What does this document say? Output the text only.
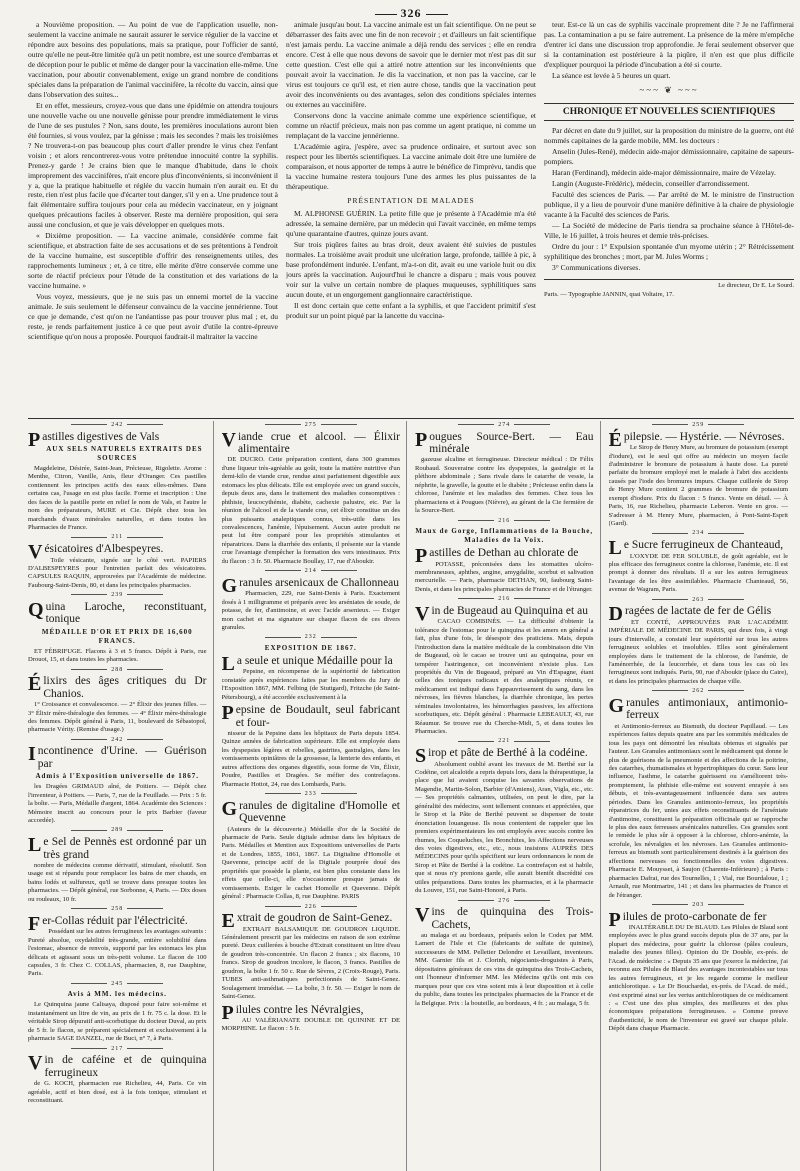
326

a Nouvième proposition. — Au point de vue de l'application usuelle, non-seulement la vaccine animale ne saurait assurer le service régulier de la vaccine et répondre aux besoins des populations, mais sa pratique, pour l'officier de santé, outre qu'elle ne peut-être limitée qu'à un petit nombre, est une source d'embarras et de déception pour le public et même de danger pour la vaccination elle-même. Une vaccination, pour aboutir convenablement, exige un grand nombre de conditions spéciales dans la préparation de l'animal vaccinifère, la récolte du vaccin, ainsi que dans l'observation des suites...

Et en effet, messieurs, croyez-vous que dans une épidémie on attendra toujours une nouvelle vache ou une nouvelle génisse pour prendre immédiatement le virus de l'une de ses pustules ? Non, sans doute, les premières inoculations auront bien été fournies, si vous voulez, par la génisse ; mais les secondes ? mais les troisièmes ? Ne trouvera-t-on pas beaucoup plus court d'aller prendre le virus chez l'enfant voisin ; et alors rencontrerez-vous votre prétendue innocuité contre la syphilis. Prenez-y garde ! Je crains bien que le manque d'habitude, dans le choix improprement des vaccinifères, n'ait encore plus d'inconvénients, si inconvénient il y a, que la pratique habituelle et réglée du vaccin humain n'en aurait eu. Et du reste, rien n'est plus facile que d'écarter tout danger, s'il y en a. Une prudence tout à fait élémentaire suffira toujours pour cela au médecin vaccinateur, en y joignant quelques précautions faciles à observer. Reste ma dernière proposition, qui sera aussi une conclusion, et que je vais développer en quelques mots.

« Dixième proposition. — La vaccine animale, considérée comme fait scientifique, et abstraction faite de ses accusations et de ses prétentions à l'endroit de la vaccine humaine, est susceptible d'offrir des renseignements utiles, des rapprochements lumineux ; et, à ce titre, elle mérite d'être conservée comme une sorte de réactif précieux pour l'étude de la constitution et des variations de la vaccine humaine. »

Vous voyez, messieurs, que je ne suis pas un ennemi mortel de la vaccine animale. Je suis seulement le défenseur convaincu de la vaccine jennérienne. Tout ce que je demande, c'est qu'on ne l'anéantisse pas pour trouver plus mal ; et, du reste, je rends parfaitement justice à ce que peut avoir d'utile la contre-épreuve scientifique qu'on nous a proposée. Pourquoi faudrait-il maltraiter la vaccine

animale jusqu'au bout. La vaccine animale est un fait scientifique. On ne peut se débarrasser des faits avec une fin de non recevoir ; et d'ailleurs un fait scientifique n'est jamais perdu. La vaccine animale a déjà rendu des services ; elle en rendra encore. C'est à elle que nous devons de savoir que le dernier mot n'est pas dit sur cette question. C'est elle qui a attiré notre attention sur les inconvénients que pouvait avoir la vaccination. Je dis la vaccination, et non pas la vaccine, car le virus est toujours ce qu'il est, et rien autre chose, tandis que la vaccination peut avoir des inconvénients ou des avantages, selon des conditions spéciales internes ou externes au vaccinifère.

Conservons donc la vaccine animale comme une expérience scientifique, et comme un réactif précieux, mais non pas comme un agent pratique, ni comme un remplaçant de la vaccine jennérienne.

L'Académie agira, j'espère, avec sa prudence ordinaire, et surtout avec son respect pour les libertés scientifiques. La vaccine animale doit être une lumière de comparaison, et nous apporter de temps à autre le bénéfice de l'imprévu, tandis que la vaccine humaine restera toujours l'une des armes les plus puissantes de la thérapeutique.

PRÉSENTATION DE MALADES

M. ALPHONSE GUÉRIN. La petite fille que je présente à l'Académie m'a été adressée, la semaine dernière, par un médecin qui l'avait vaccinée, en même temps qu'une quarantaine d'autres, quinze jours avant.

Sur trois piqûres faites au bras droit, deux avaient été suivies de pustules normales. La troisième avait produit une ulcération large, profonde, taillée à pic, à base profondément indurée. L'enfant, m'a-t-on dit, avait eu une variole huit ou dix jours après la vaccination. Aujourd'hui le chancre a disparu ; mais vous pouvez voir sur la vulve un certain nombre de plaques muqueuses, syphilitiques sans aucun doute, et un engorgement ganglionnaire caractéristique.

Il est donc certain que cette enfant a la syphilis, et que l'accident primitif s'est produit sur un point piqué par la lancette du vaccina-

teur. Est-ce là un cas de syphilis vaccinale proprement dite ? Je ne l'affirmerai pas. La contamination a pu se faire autrement. La présence de la mère m'empêche d'entrer ici dans une discussion trop approfondie. Je ferai seulement observer que si la contamination est postérieure à la piqûre, il n'en est que plus difficile d'expliquer pourquoi la période d'incubation a été si courte.

La séance est levée à 5 heures un quart.

~~~ ❦ ~~~
CHRONIQUE ET NOUVELLES SCIENTIFIQUES

Par décret en date du 9 juillet, sur la proposition du ministre de la guerre, ont été nommés capitaines de la garde mobile, MM. les docteurs :

Anselin (Jules-René), médecin aide-major démissionnaire, capitaine de sapeurs-pompiers.

Haran (Ferdinand), médecin aide-major démissionnaire, maire de Vézelay.

Langin (Auguste-Frédéric), médecin, conseiller d'arrondissement.

Faculté des sciences de Paris. — Par arrêté de M. le ministre de l'instruction publique, il y a lieu de pourvoir d'une manière définitive à la chaire de physiologie vacante à la Faculté des sciences de Paris.

— La Société de médecine de Paris tiendra sa prochaine séance à l'Hôtel-de-Ville, le 16 juillet, à trois heures et demie très-précises.

Ordre du jour : 1° Expulsion spontanée d'un myome utérin ; 2° Rétrécissement syphilitique des bronches ; mort, par M. Jules Worms ;

3° Communications diverses.

Le directeur, Dr E. Le Sourd.
Paris. — Typographie JANNIN, quai Voltaire, 17.
242
Pastilles digestives de Vals
AUX SELS NATURELS EXTRAITS DES SOURCES

Magdeleine, Désirée, Saint-Jean, Précieuse, Rigolette. Arome : Menthe, Citron, Vanille, Anis, fleur d'Oranger. Ces pastilles contiennent les principes actifs des eaux elles-mêmes. Dans certains cas, l'usage en est plus facile. Forme et inscription : Une des faces de la pastille porte en relief le nom de Vals, et l'autre le nom des préparateurs, MURE et Cie. Dépôt chez tous les marchands d'eaux minérales naturelles, et dans toutes les Pharmacies de France.

211
Vésicatoires d'Albespeyres.

Toile vésicante, signée sur le côté vert. PAPIERS D'ALBESPEYRES pour l'entretien parfait des vésicatoires. CAPSULES RAQUIN, approuvées par l'Académie de médecine. Faubourg-Saint-Denis, 80, et dans les principales pharmacies.

239
Quina Laroche, reconstituant, tonique
MÉDAILLE D'OR ET PRIX DE 16,600 FRANCS.

ET FÉBRIFUGE. Flacons à 3 et 5 francs. Dépôt à Paris, rue Drouot, 15, et dans toutes les pharmacies.

288
Élixirs des âges critiques du Dr Chanios.

1° Croissance et convalescence. — 2° Élixir des jeunes filles. — 3° Élixir mère-théralogie des femmes. — 4° Élixir mère-théralogie des femmes. Dépôt général à Paris, 11, boulevard de Sébastopol, pharmacie Vérity. (Remise d'usage.)

242
Incontinence d'Urine. — Guérison par
Admis à l'Exposition universelle de 1867.

les Dragées GRIMAUD aîné, de Poitiers. — Dépôt chez l'inventeur, à Poitiers. — Paris, 7, rue de la Feuillade. — Prix : 5 fr. la boîte. — Paris, Médaille d'argent, 1864. Académie des Sciences : Mémoire inscrit au concours pour le prix Barbier (faveur accordée).

289
Le Sel de Pennès est ordonné par un très grand

nombre de médecins comme dérivatif, stimulant, résolutif. Son usage est si répandu pour remplacer les bains de mer chauds, en bains lodés et sulfureux, qu'il se trouve dans presque toutes les pharmacies. — Dépôt général, rue Sorbonne, 4, Paris. — Dix doses ou rouleaux, 10 fr.

258
Fer-Collas réduit par l'électricité.

Possédant sur les autres ferrugineux les avantages suivants : Pureté absolue, oxydabilité très-grande, entière solubilité dans l'estomac, absence de renvois, supporté par les estomacs les plus délicats et agissant sous un très-petit volume. Le flacon de 100 capsules, 3 fr. Chez C. COLLAS, pharmacien, 8, rue Dauphine, Paris.

245
Avis à MM. les médecins.

Le Quinquina jaune Calisaya, disposé pour faire soi-même et instantanément un litre de vin, au prix de 1 fr. 75 c. la dose. Et le véritable Sirop dépuratif anti-scorbutique du docteur Duval, au prix de 5 fr. le flacon, se préparent spécialement et exclusivement à la pharmacie SAGE DANZEL, rue de Buci, n° 7, à Paris.

217
Vin de caféine et de quinquina ferrugineux

de G. KOCH, pharmacien rue Richelieu, 44, Paris. Ce vin agréable, actif et bien dosé, est à la fois tonique, stimulant et reconstituant.

275
Viande crue et alcool. — Élixir alimentaire

DE DUCRO. Cette préparation contient, dans 300 grammes d'une liqueur très-agréable au goût, toute la matière nutritive d'un demi-kilo de viande crue, rendue ainsi parfaitement digestible aux estomacs les plus délicats. Elle est employée avec un grand succès, depuis deux ans, dans le traitement des maladies consomptives : phthisie, leucocythémie, diabète, cachexie palustre, etc. Par la réunion de l'alcool et de la viande crue, cet élixir constitue un des plus puissants analeptiques connus, très-utile dans les convalescences, l'anémie, l'épuisement. Aucun autre produit ne peut lui être comparé pour les propriétés stimulantes et réparatrices. Dans la diarrhée des enfants, il présente sur la viande crue l'avantage d'empêcher la formation des vers intestinaux. Prix du flacon : 3 fr. 50. Pharmacie Boullay, 17, rue d'Aboukir.

214
Granules arsenicaux de Challonneau

Pharmacien, 229, rue Saint-Denis à Paris. Exactement dosés à 1 milligramme et préparés avec les arséniates de soude, de potasse, de fer, d'antimoine, et avec l'acide arsenieux. — Exiger mon cachet et ma signature sur chaque flacon de ces divers granules.

232
EXPOSITION DE 1867.
La seule et unique Médaille pour la

Pepsine, en récompense de la supériorité de fabrication constatée après expériences faites par les membres du Jury de l'Exposition 1867, MM. Felbing (de Stuttgard), Fritzche (de Saint-Pétersbourg), a été accordée exclusivement à la

Pepsine de Boudault, seul fabricant et four-

nisseur de la Pepsine dans les hôpitaux de Paris depuis 1854. Quinze années de fabrication supérieure. Elle est employée dans les dyspepsies légères et rebelles, gastrites, gastralgies, dans les vomissements opiniâtres de la grossesse, la lienterie des enfants, et autres affections des organes digestifs, sous forme de Vin, Élixir, Poudre, Pastilles et Dragées. Se méfier des contrefaçons. Pharmacie Hottot, 24, rue des Lombards, Paris.

233
Granules de digitaline d'Homolle et Quevenne

(Auteurs de la découverte.) Médaille d'or de la Société de pharmacie de Paris. Seule digitale admise dans les hôpitaux de Paris. Médailles et Mention aux Expositions universelles de Paris et de Londres, 1855, 1861, 1867. La Digitaline d'Homolle et Quevenne, principe actif de la Digitale pourprée doué des propriétés que possède la plante, est bien plus constante dans les effets que celle-ci, elle n'occasionne presque jamais de vomissements. Exiger le cachet Homolle et Quevenne. Dépôt général : Pharmacie Collas, 8, rue Dauphine. PARIS

226
Extrait de goudron de Saint-Genez.

EXTRAIT BALSAMIQUE DE GOUDRON LIQUIDE. Généralement prescrit par les médecins en raison de son extrême pureté. Deux cuillerées à bouche d'Extrait constituent un litre d'eau de goudron très-concentrée. Un flacon 2 francs ; six flacons, 10 francs. Sirop de goudron incolore, le flacon, 3 francs. Pastilles de goudron, la boîte 1 fr. 50 c. Rue de Sèvres, 2 (Croix-Rouge), Paris. TUBES anti-asthmatiques perfectionnés de Saint-Genez. Soulagement immédiat. — La boîte, 3 fr. 50. — Exiger le nom de Saint-Genez.

Pilules contre les Névralgies,

AU VALÉRIANATE DOUBLE DE QUININE ET DE MORPHINE. Le flacon : 5 fr.

274
Pougues Source-Bert. — Eau minérale

gazeuse alcaline et ferrugineuse. Directeur médical : Dr Félix Roubaud. Souveraine contre les dyspepsies, la gastralgie et la pléthore abdominale ; Sans rivale dans le catarrhe de vessie, la néphrite, la gravelle, la goutte et le diabète ; Précieuse enfin dans la chlorose, l'anémie et les maladies des femmes. Chez tous les pharmaciens et à Pougues (Nièvre), au gérant de la Cie fermière de la Source-Bert.

216
Maux de Gorge, Inflammations de la Bouche, Maladies de la Voix.
Pastilles de Dethan au chlorate de

POTASSE, préconisées dans les stomatites ulcéro-membraneuses, aphthes, angine, amygdalite, scorbut et salivation mercurielle. — Paris, pharmacie DETHAN, 90, faubourg Saint-Denis, et dans les principales pharmacies de France et de l'étranger.

216
Vin de Bugeaud au Quinquina et au

CACAO COMBINÉS. — La difficulté d'obtenir la tolérance de l'estomac pour le quinquina et les amers en général a fait, plus d'une fois, le désespoir des praticiens. Mais, depuis l'introduction dans la matière médicale de la combinaison dite Vin de Bugeaud, où le cacao se trouve uni au quinquina, pour en tempérer l'astringence, cet inconvénient n'existe plus. Les propriétés du Vin de Bugeaud, préparé au Vin d'Espagne, étant celles des toniques radicaux et des analeptiques réunis, ce médicament est indiqué dans l'appauvrissement du sang, dans les névroses, les fièvres blanches, la diarrhée chronique, les pertes séminales involontaires, les hémorrhagies passives, les affections scorbutiques, etc. Dépôt général : Pharmacie LEBEAULT, 43, rue Réaumur. Se trouve rue du Cherche-Midi, 5, et dans toutes les Pharmacies.

221
Sirop et pâte de Berthé à la codéine.

Absolument oublié avant les travaux de M. Berthé sur la Codéine, cet alcaloïde a repris depuis lors, dans la thérapeutique, la place que lui avaient conquise les savantes observations de Magendie, Martin-Solon, Barbier (d'Amiens), Aran, Vigla, etc., etc. — Ses propriétés calmantes, utilisées, on peut le dire, par la généralité des médecins, sont tellement connues et appréciées, que le Sirop et la Pâte de Berthé peuvent se dispenser de toute énonciation louangeuse. Ils nous contentent de rappeler que les premiers expérimentateurs les ont employés avec succès contre les rhumes, les Coqueluches, les Bronchites, les Affections nerveuses des voies digestives, etc., etc., nous insistons AUPRÈS DES MÉDECINS pour qu'ils spécifient sur leurs ordonnances le nom de Sirop et Pâte de Berthé à la codéine. La contrefaçon est si habile, que si nous n'y prenions garde, elle aurait bientôt discrédité ces utiles préparations. Dans toutes les pharmacies, et à la pharmacie du Louvre, 151, rue Saint-Honoré, à Paris.

276
Vins de quinquina des Trois-Cachets,

au malaga et au bordeaux, préparés selon le Codex par MM. Lamert de l'Isle et Cie (fabricants de sulfate de quinine), successeurs de MM. Pelletier Delondre et Levaillant, inventeurs. MM. Garnier fils et J. Clorinh, négociants-droguistes à Paris, dépositaires généraux de ces vins de quinquina des Trois-Cachets, ont l'honneur d'informer MM. les Médecins qu'ils ont mis ces marques pour que ces vins soient mis à leur disposition et à celle du public, dans toutes les principales pharmacies de la France et de la Belgique. Prix : la bouteille, au bordeaux, 4 fr. ; au malaga, 5 fr.

259
Épilepsie. — Hystérie. — Névroses.

Le Sirop de Henry Mure, au bromure de potassium (exempt d'iodure), est le seul qui offre au médecin un moyen facile d'administrer le bromure de potassium à haute dose. La pureté parfaite du bromure employé met le malade à l'abri des accidents causés par l'iode des bromures impurs. Chaque cuillerée de Sirop de Henry Mure contient 2 grammes de bromure de potassium exempt d'iodure. Prix du flacon : 5 francs. Vente en détail. — À Paris, 16, rue Richelieu, pharmacie Leberon. Vente en gros. — S'adresser à M. Henry Mure, pharmacien, à Pont-Saint-Esprit (Gard).

234
Le Sucre ferrugineux de Chanteaud,

L'OXYDE DE FER SOLUBLE, de goût agréable, est le plus efficace des ferrugineux contre la chlorose, l'anémie, etc. Il est prompt à donner des résultats. Il a sur les autres ferrugineux l'avantage de les être assimilables. Pharmacie Chanteaud, 56, avenue de Wagram, Paris.

263
Dragées de lactate de fer de Gélis

ET CONTÉ, APPROUVÉES PAR L'ACADÉMIE IMPÉRIALE DE MÉDECINE DE PARIS, qui deux fois, à vingt jours d'intervalle, a constaté leur supériorité sur tous les autres ferrugineux solubles et insolubles. Elles sont généralement employées dans le traitement de la chlorose, de l'anémie, de l'aménorrhée, de la leucorrhée, et dans tous les cas où les ferrugineux sont indiqués. Paris, 90, rue d'Aboukir (place du Caire), et dans les principales pharmacies de chaque ville.

262
Granules antimoniaux, antimonio-ferreux

et Antimonio-ferreux au Bismuth, du docteur Papillaud. — Les expériences faites depuis quatre ans par les sommités médicales de tous les pays ont démontré les résultats obtenus et signalés par l'auteur. Les Granules antimoniaux sont le médicament qui donne le plus de guérisons de la pneumonie et des affections de la poitrine, des catarrhes, rhumatismales et hypertrophiques du cœur. Sans leur influence, l'asthme, le catarrhe guérissent ou s'améliorent très-promptement, la phthisie elle-même est souvent enrayée à ses débuts, et très-avantageusement influencée dans ses autres périodes. Dans les Granules antimonio-ferreux, les propriétés réparatrices du fer, unies aux effets reconstituants de l'arséniate d'antimoine, constituent la préparation officinale qui se rapproche le plus des eaux ferreuses arsénicales naturelles. Ces granules sont le remède le plus sûr à opposer à la chlorose, chloro-anémie, la scrofule, les névralgies et les névroses. Les Granules antimonio-ferreux au bismuth sont particulièrement destinés à la guérison des affections nerveuses ou fonctionnelles des voies digestives. Pharmacie E. Mouysset, à Saujon (Charente-Inférieure) ; à Paris : pharmacies Dafrai, rue des Tournelles, 1 ; Vial, rue Bourdaloue, 1 ; Arnault, rue Montmartre, 141 ; et dans les pharmacies de France et de l'étranger.

203
Pilules de proto-carbonate de fer

INALTÉRABLE DU Dr BLAUD. Les Pilules de Blaud sont employées avec le plus grand succès depuis plus de 37 ans, par la plupart des médecins, pour guérir la chlorose (pâles couleurs, maladie des jeunes filles). Opinion du Dr Double, ex-prés. de l'Acad. de médecine : « Depuis 35 ans que j'exerce la médecine, j'ai reconnu aux Pilules de Blaud des avantages incontestables sur tous les autres ferrugineux, et je les regarde comme le meilleur antichlorotique. » Le Dr Bouchardat, ex-prés. de l'Acad. de méd., s'est exprimé ainsi sur les vertus antichlorotiques de ce médicament : « C'est une des plus simples, des meilleures et des plus économiques préparations ferrugineuses. » Comme preuve d'authenticité, le nom de l'inventeur est gravé sur chaque pilule. Dépôt dans chaque Pharmacie.
